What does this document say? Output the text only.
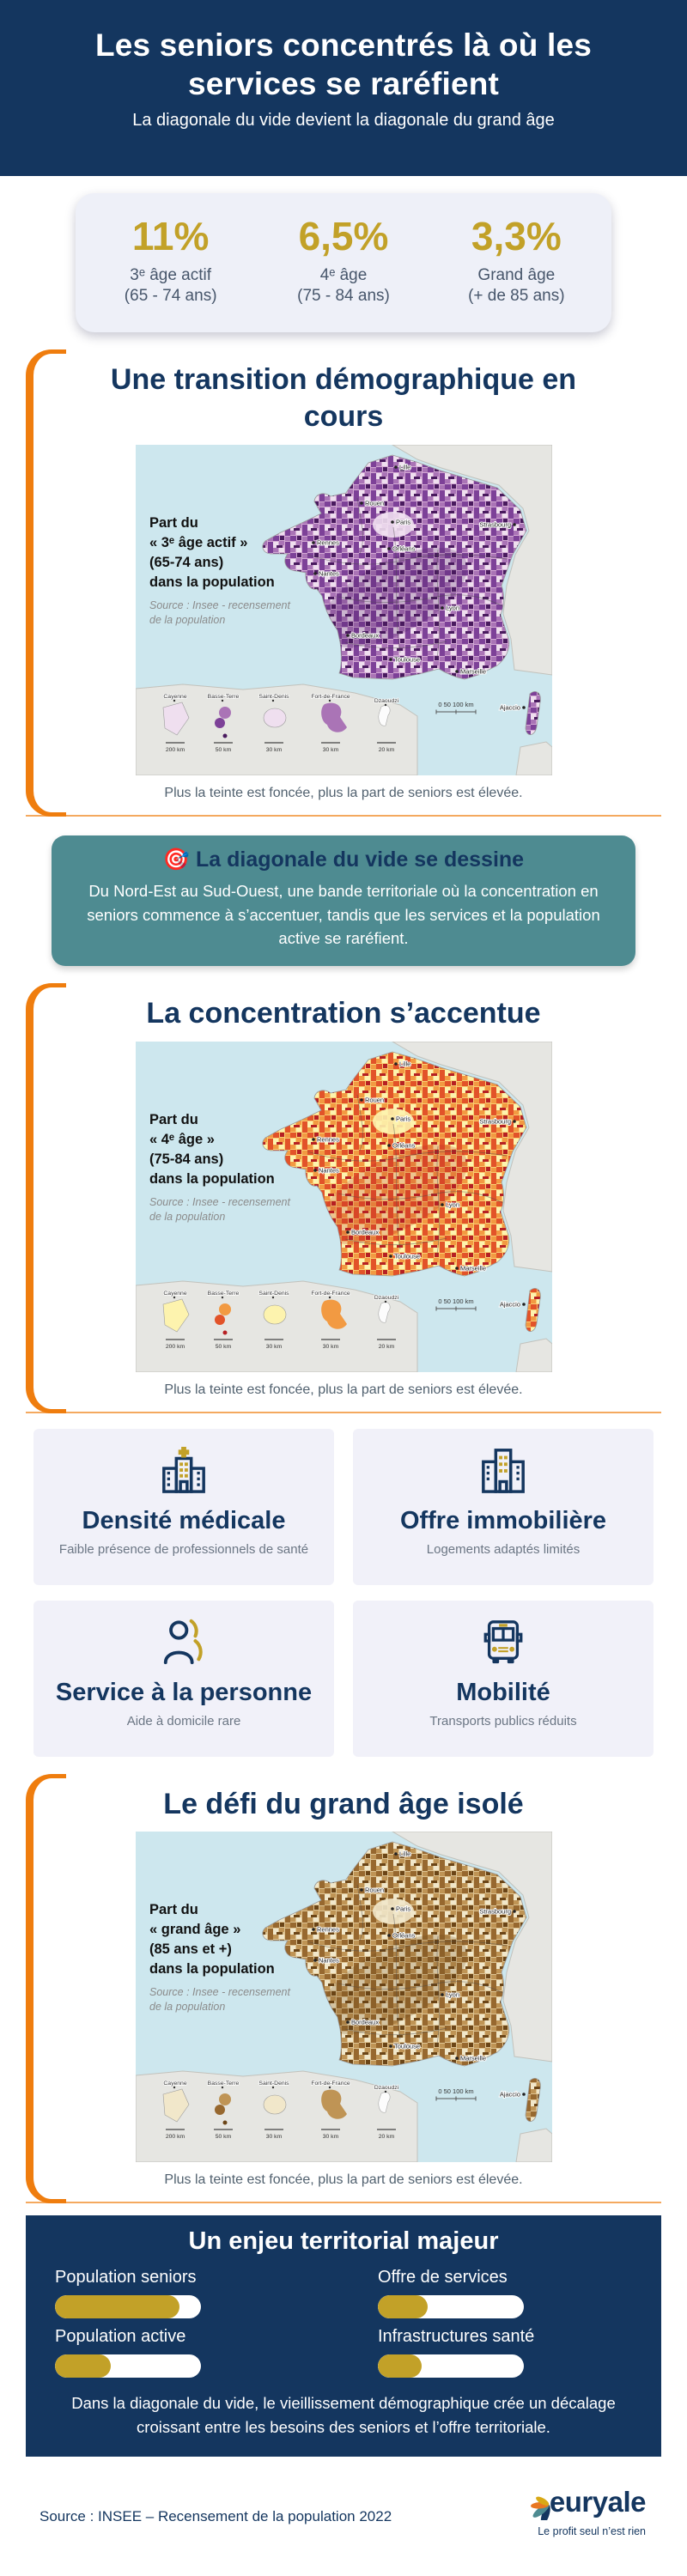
Les seniors concentrés là où les services se raréfient

La diagonale du vide devient la diagonale du grand âge

11%
3ᵉ âge actif
(65 - 74 ans)
6,5%
4ᵉ âge
(75 - 84 ans)
3,3%
Grand âge
(+ de 85 ans)
Une transition démographique en cours
Lille
Rouen
Paris	Strasbourg
Rennes
Orléans
Nantes
Lyon
Bordeaux
Toulouse
Marseille
Ajaccio
Cayenne
200 km
Basse-Terre
50 km
Saint-Denis
30 km
Fort-de-France
30 km
Dzaoudzi
20 km
0 50 100 km
Part du
« 3ᵉ âge actif »
(65-74 ans)
dans la population
Source : Insee - recensement
de la population

Plus la teinte est foncée, plus la part de seniors est élevée.

🎯 La diagonale du vide se dessine

Du Nord-Est au Sud-Ouest, une bande territoriale où la concentration en seniors commence à s’accentuer, tandis que les services et la population active se raréfient.

La concentration s’accentue
Lille
Rouen
Paris	Strasbourg
Rennes
Orléans
Nantes
Lyon
Bordeaux
Toulouse
Marseille
Ajaccio
Cayenne
200 km
Basse-Terre
50 km
Saint-Denis
30 km
Fort-de-France
30 km
Dzaoudzi
20 km
0 50 100 km
Part du
« 4ᵉ âge »
(75-84 ans)
dans la population
Source : Insee - recensement
de la population

Plus la teinte est foncée, plus la part de seniors est élevée.

Densité médicale
Faible présence de professionnels de santé
Offre immobilière
Logements adaptés limités
Service à la personne
Aide à domicile rare
Mobilité
Transports publics réduits
Le défi du grand âge isolé
Lille
Rouen
Paris	Strasbourg
Rennes
Orléans
Nantes
Lyon
Bordeaux
Toulouse
Marseille
Ajaccio
Cayenne
200 km
Basse-Terre
50 km
Saint-Denis
30 km
Fort-de-France
30 km
Dzaoudzi
20 km
0 50 100 km
Part du
« grand âge »
(85 ans et +)
dans la population
Source : Insee - recensement
de la population

Plus la teinte est foncée, plus la part de seniors est élevée.

Un enjeu territorial majeur
Population seniors	Offre de services
Population active	Infrastructures santé

Dans la diagonale du vide, le vieillissement démographique crée un décalage croissant entre les besoins des seniors et l’offre territoriale.

Source : INSEE – Recensement de la population 2022	euryale
Le profit seul n’est rien
